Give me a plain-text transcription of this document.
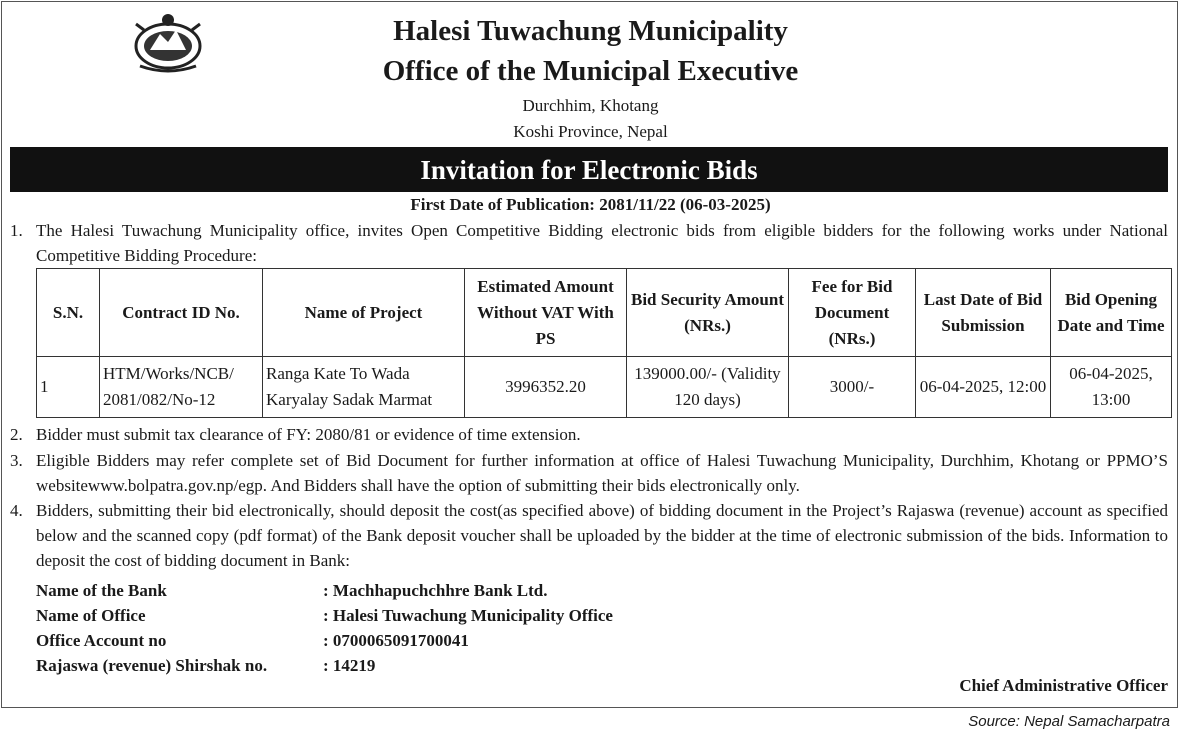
Halesi Tuwachung Municipality
Office of the Municipal Executive
Durchhim, Khotang
Koshi Province, Nepal
Invitation for Electronic Bids
First Date of Publication: 2081/11/22 (06-03-2025)
1. The Halesi Tuwachung Municipality office, invites Open Competitive Bidding electronic bids from eligible bidders for the following works under National Competitive Bidding Procedure:
S.N.	Contract ID No.	Name of Project	Estimated Amount Without VAT With PS	Bid Security Amount (NRs.)	Fee for Bid Document (NRs.)	Last Date of Bid Submission	Bid Opening Date and Time
1	HTM/Works/NCB/ 2081/082/No-12	Ranga Kate To Wada Karyalay Sadak Marmat	3996352.20	139000.00/- (Validity 120 days)	3000/-	06-04-2025, 12:00	06-04-2025, 13:00
2. Bidder must submit tax clearance of FY: 2080/81 or evidence of time extension.
3. Eligible Bidders may refer complete set of Bid Document for further information at office of Halesi Tuwachung Municipality, Durchhim, Khotang or PPMO’S websitewww.bolpatra.gov.np/egp. And Bidders shall have the option of submitting their bids electronically only.
4. Bidders, submitting their bid electronically, should deposit the cost(as specified above) of bidding document in the Project’s Rajaswa (revenue) account as specified below and the scanned copy (pdf format) of the Bank deposit voucher shall be uploaded by the bidder at the time of electronic submission of the bids. Information to deposit the cost of bidding document in Bank:
Name of the Bank	: Machhapuchchhre Bank Ltd.
Name of Office	: Halesi Tuwachung Municipality Office
Office Account no	: 0700065091700041
Rajaswa (revenue) Shirshak no.	: 14219
Chief Administrative Officer
Source: Nepal Samacharpatra
